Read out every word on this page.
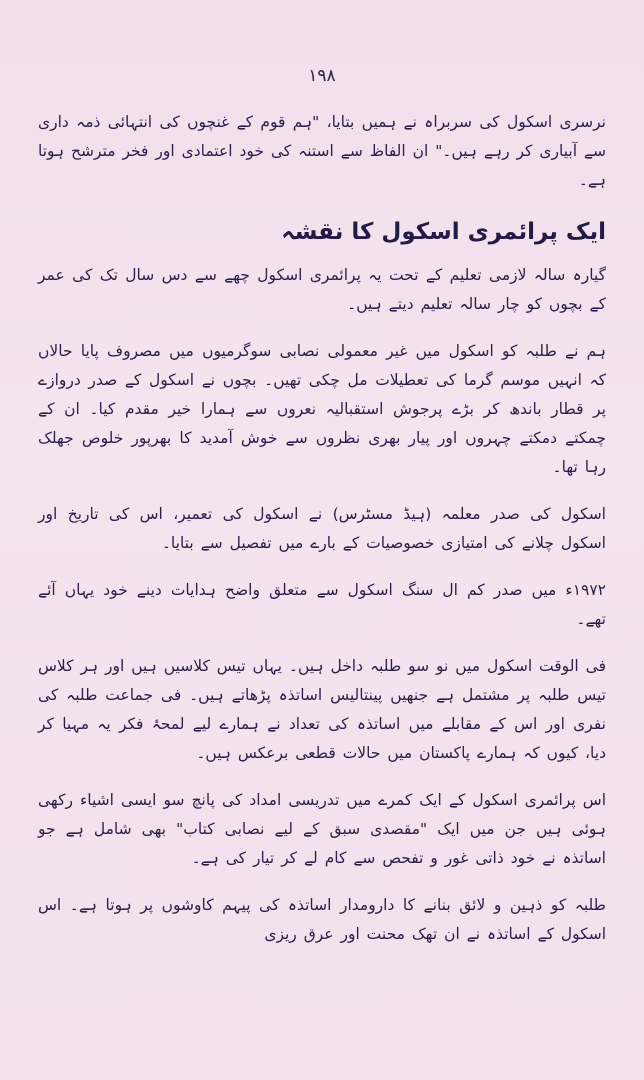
١٩٨

نرسری اسکول کی سربراہ نے ہمیں بتایا، "ہم قوم کے غنچوں کی انتہائی ذمہ داری سے آبیاری کر رہے ہیں۔" ان الفاظ سے استنہ کی خود اعتمادی اور فخر مترشح ہوتا ہے۔

ایک پرائمری اسکول کا نقشہ

گیارہ سالہ لازمی تعلیم کے تحت یہ پرائمری اسکول چھے سے دس سال تک کی عمر کے بچوں کو چار سالہ تعلیم دیتے ہیں۔

ہم نے طلبہ کو اسکول میں غیر معمولی نصابی سوگرمیوں میں مصروف پایا حالاں کہ انہیں موسم گرما کی تعطیلات مل چکی تھیں۔ بچوں نے اسکول کے صدر دروازے پر قطار باندھ کر بڑے پرجوش استقبالیہ نعروں سے ہمارا خیر مقدم کیا۔ ان کے چمکتے دمکتے چہروں اور پیار بھری نظروں سے خوش آمدید کا بھرپور خلوص جھلک رہا تھا۔

اسکول کی صدر معلمہ (ہیڈ مسٹرس) نے اسکول کی تعمیر، اس کی تاریخ اور اسکول چلانے کی امتیازی خصوصیات کے بارے میں تفصیل سے بتایا۔

۱۹۷۲ء میں صدر کم ال سنگ اسکول سے متعلق واضح ہدایات دینے خود یہاں آئے تھے۔

فی الوقت اسکول میں نو سو طلبہ داخل ہیں۔ یہاں تیس کلاسیں ہیں اور ہر کلاس تیس طلبہ پر مشتمل ہے جنھیں پینتالیس اساتذہ پڑھاتے ہیں۔ فی جماعت طلبہ کی نفری اور اس کے مقابلے میں اساتذہ کی تعداد نے ہمارے لیے لمحۂ فکر یہ مہیا کر دیا، کیوں کہ ہمارے پاکستان میں حالات قطعی برعکس ہیں۔

اس پرائمری اسکول کے ایک کمرے میں تدریسی امداد کی پانچ سو ایسی اشیاء رکھی ہوئی ہیں جن میں ایک "مقصدی سبق کے لیے نصابی کتاب" بھی شامل ہے جو اساتذہ نے خود ذاتی غور و تفحص سے کام لے کر تیار کی ہے۔

طلبہ کو ذہین و لائق بنانے کا دارومدار اساتذہ کی پیہم کاوشوں پر ہوتا ہے۔ اس اسکول کے اساتذہ نے ان تھک محنت اور عرق ریزی
